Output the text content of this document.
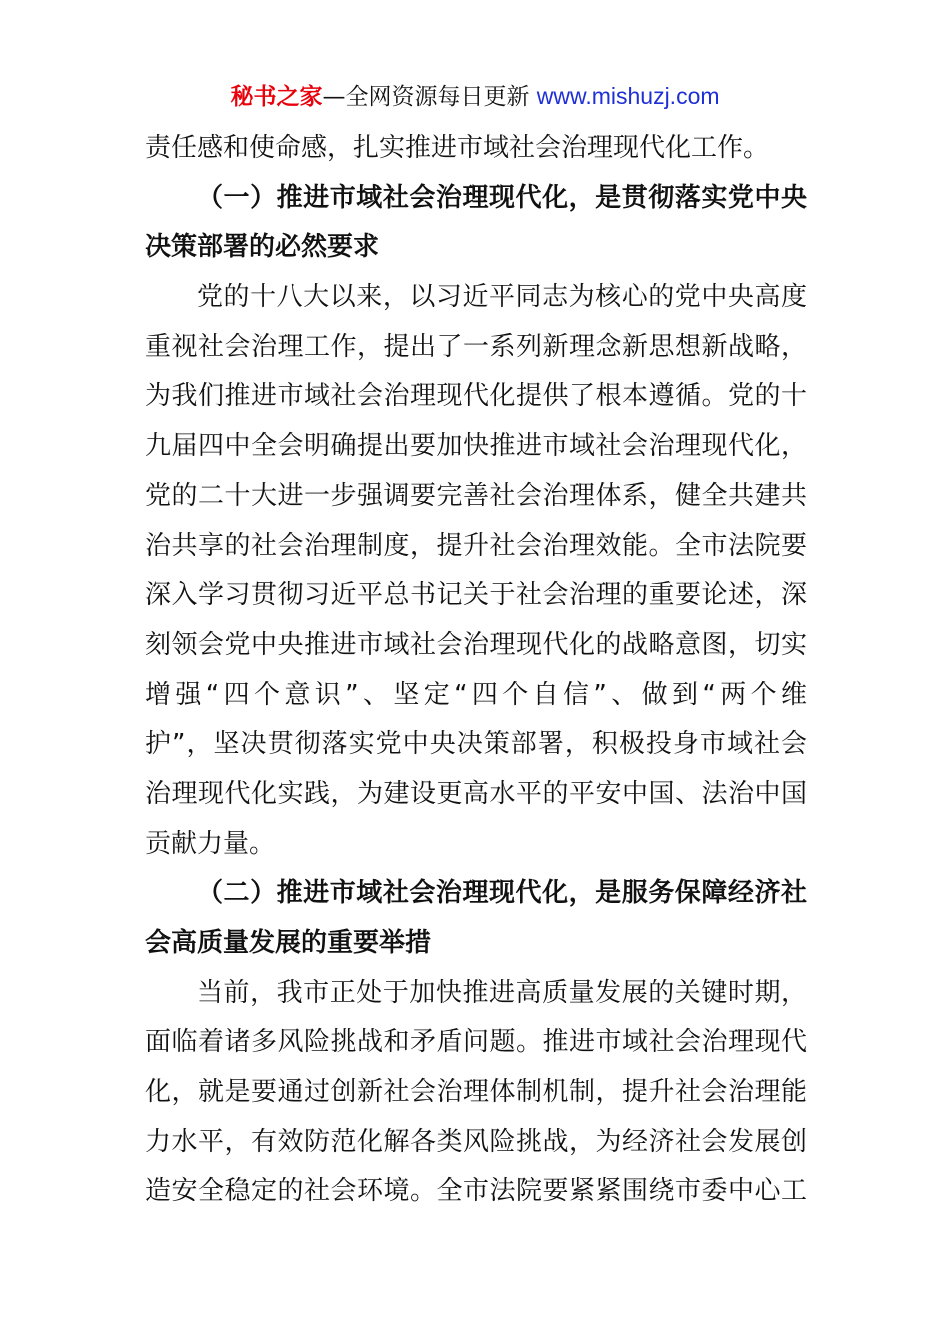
秘书之家—全网资源每日更新 www.mishuzj.com
责任感和使命感，扎实推进市域社会治理现代化工作。
（一）推进市域社会治理现代化，是贯彻落实党中央
决策部署的必然要求
党的十八大以来，以习近平同志为核心的党中央高度
重视社会治理工作，提出了一系列新理念新思想新战略，
为我们推进市域社会治理现代化提供了根本遵循。党的十
九届四中全会明确提出要加快推进市域社会治理现代化，
党的二十大进一步强调要完善社会治理体系，健全共建共
治共享的社会治理制度，提升社会治理效能。全市法院要
深入学习贯彻习近平总书记关于社会治理的重要论述，深
刻领会党中央推进市域社会治理现代化的战略意图，切实
增强“四个意识”、坚定“四个自信”、做到“两个维
护”，坚决贯彻落实党中央决策部署，积极投身市域社会
治理现代化实践，为建设更高水平的平安中国、法治中国
贡献力量。
（二）推进市域社会治理现代化，是服务保障经济社
会高质量发展的重要举措
当前，我市正处于加快推进高质量发展的关键时期，
面临着诸多风险挑战和矛盾问题。推进市域社会治理现代
化，就是要通过创新社会治理体制机制，提升社会治理能
力水平，有效防范化解各类风险挑战，为经济社会发展创
造安全稳定的社会环境。全市法院要紧紧围绕市委中心工
